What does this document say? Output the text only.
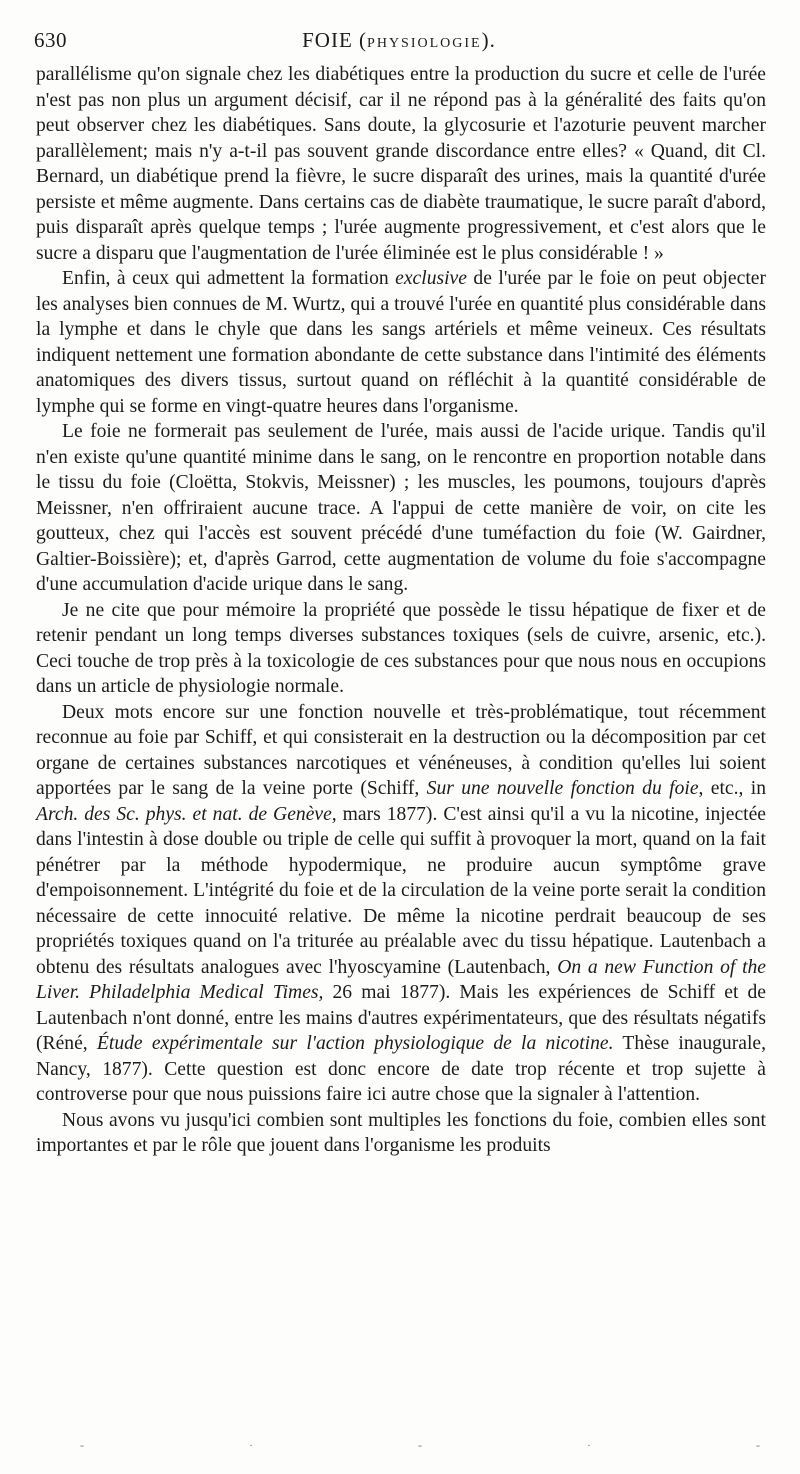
630	FOIE (PHYSIOLOGIE).

parallélisme qu'on signale chez les diabétiques entre la production du sucre et celle de l'urée n'est pas non plus un argument décisif, car il ne répond pas à la généralité des faits qu'on peut observer chez les diabétiques. Sans doute, la glycosurie et l'azoturie peuvent marcher parallèlement; mais n'y a-t-il pas souvent grande discordance entre elles? « Quand, dit Cl. Bernard, un diabétique prend la fièvre, le sucre disparaît des urines, mais la quantité d'urée persiste et même augmente. Dans certains cas de diabète traumatique, le sucre paraît d'abord, puis disparaît après quelque temps ; l'urée augmente progressivement, et c'est alors que le sucre a disparu que l'augmentation de l'urée éliminée est le plus considérable ! »

Enfin, à ceux qui admettent la formation exclusive de l'urée par le foie on peut objecter les analyses bien connues de M. Wurtz, qui a trouvé l'urée en quantité plus considérable dans la lymphe et dans le chyle que dans les sangs artériels et même veineux. Ces résultats indiquent nettement une formation abondante de cette substance dans l'intimité des éléments anatomiques des divers tissus, surtout quand on réfléchit à la quantité considérable de lymphe qui se forme en vingt-quatre heures dans l'organisme.

Le foie ne formerait pas seulement de l'urée, mais aussi de l'acide urique. Tandis qu'il n'en existe qu'une quantité minime dans le sang, on le rencontre en proportion notable dans le tissu du foie (Cloëtta, Stokvis, Meissner) ; les muscles, les poumons, toujours d'après Meissner, n'en offriraient aucune trace. A l'appui de cette manière de voir, on cite les goutteux, chez qui l'accès est souvent précédé d'une tuméfaction du foie (W. Gairdner, Galtier-Boissière); et, d'après Garrod, cette augmentation de volume du foie s'accompagne d'une accumulation d'acide urique dans le sang.

Je ne cite que pour mémoire la propriété que possède le tissu hépatique de fixer et de retenir pendant un long temps diverses substances toxiques (sels de cuivre, arsenic, etc.). Ceci touche de trop près à la toxicologie de ces substances pour que nous nous en occupions dans un article de physiologie normale.

Deux mots encore sur une fonction nouvelle et très-problématique, tout récemment reconnue au foie par Schiff, et qui consisterait en la destruction ou la décomposition par cet organe de certaines substances narcotiques et vénéneuses, à condition qu'elles lui soient apportées par le sang de la veine porte (Schiff, Sur une nouvelle fonction du foie, etc., in Arch. des Sc. phys. et nat. de Genève, mars 1877). C'est ainsi qu'il a vu la nicotine, injectée dans l'intestin à dose double ou triple de celle qui suffit à provoquer la mort, quand on la fait pénétrer par la méthode hypodermique, ne produire aucun symptôme grave d'empoisonnement. L'intégrité du foie et de la circulation de la veine porte serait la condition nécessaire de cette innocuité relative. De même la nicotine perdrait beaucoup de ses propriétés toxiques quand on l'a triturée au préalable avec du tissu hépatique. Lautenbach a obtenu des résultats analogues avec l'hyoscyamine (Lautenbach, On a new Function of the Liver. Philadelphia Medical Times, 26 mai 1877). Mais les expériences de Schiff et de Lautenbach n'ont donné, entre les mains d'autres expérimentateurs, que des résultats négatifs (Réné, Étude expérimentale sur l'action physiologique de la nicotine. Thèse inaugurale, Nancy, 1877). Cette question est donc encore de date trop récente et trop sujette à controverse pour que nous puissions faire ici autre chose que la signaler à l'attention.

Nous avons vu jusqu'ici combien sont multiples les fonctions du foie, combien elles sont importantes et par le rôle que jouent dans l'organisme les produits

-	·	-	·	-
